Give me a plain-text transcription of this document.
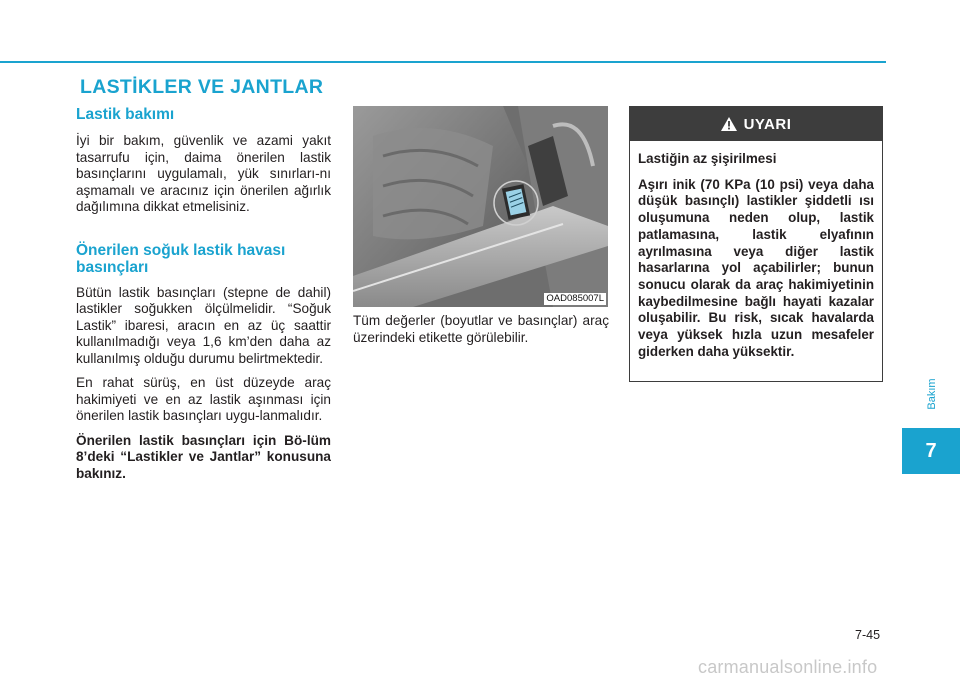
LASTİKLER VE JANTLAR
Lastik bakımı

İyi bir bakım, güvenlik ve azami yakıt tasarrufu için, daima önerilen lastik basınçlarını uygulamalı, yük sınırları-nı aşmamalı ve aracınız için önerilen ağırlık dağılımına dikkat etmelisiniz.

Önerilen soğuk lastik havası basınçları

Bütün lastik basınçları (stepne de dahil) lastikler soğukken ölçülmelidir. “Soğuk Lastik” ibaresi, aracın en az üç saattir kullanılmadığı veya 1,6 km’den daha az kullanılmış olduğu durumu belirtmektedir.

En rahat sürüş, en üst düzeyde araç hakimiyeti ve en az lastik aşınması için önerilen lastik basınçları uygu-lanmalıdır.

Önerilen lastik basınçları için Bö-lüm 8’deki “Lastikler ve Jantlar” konusuna bakınız.

OAD085007L

Tüm değerler (boyutlar ve basınçlar) araç üzerindeki etikette görülebilir.

UYARI

Lastiğin az şişirilmesi

Aşırı inik (70 KPa (10 psi) veya daha düşük basınçlı) lastikler şiddetli ısı oluşumuna neden olup, lastik patlamasına, lastik elyafının ayrılmasına veya diğer lastik hasarlarına yol açabilirler; bunun sonucu olarak da araç hakimiyetinin kaybedilmesine bağlı hayati kazalar oluşabilir. Bu risk, sıcak havalarda veya yüksek hızla uzun mesafeler giderken daha yüksektir.

Bakım
7
7-45
carmanualsonline.info
